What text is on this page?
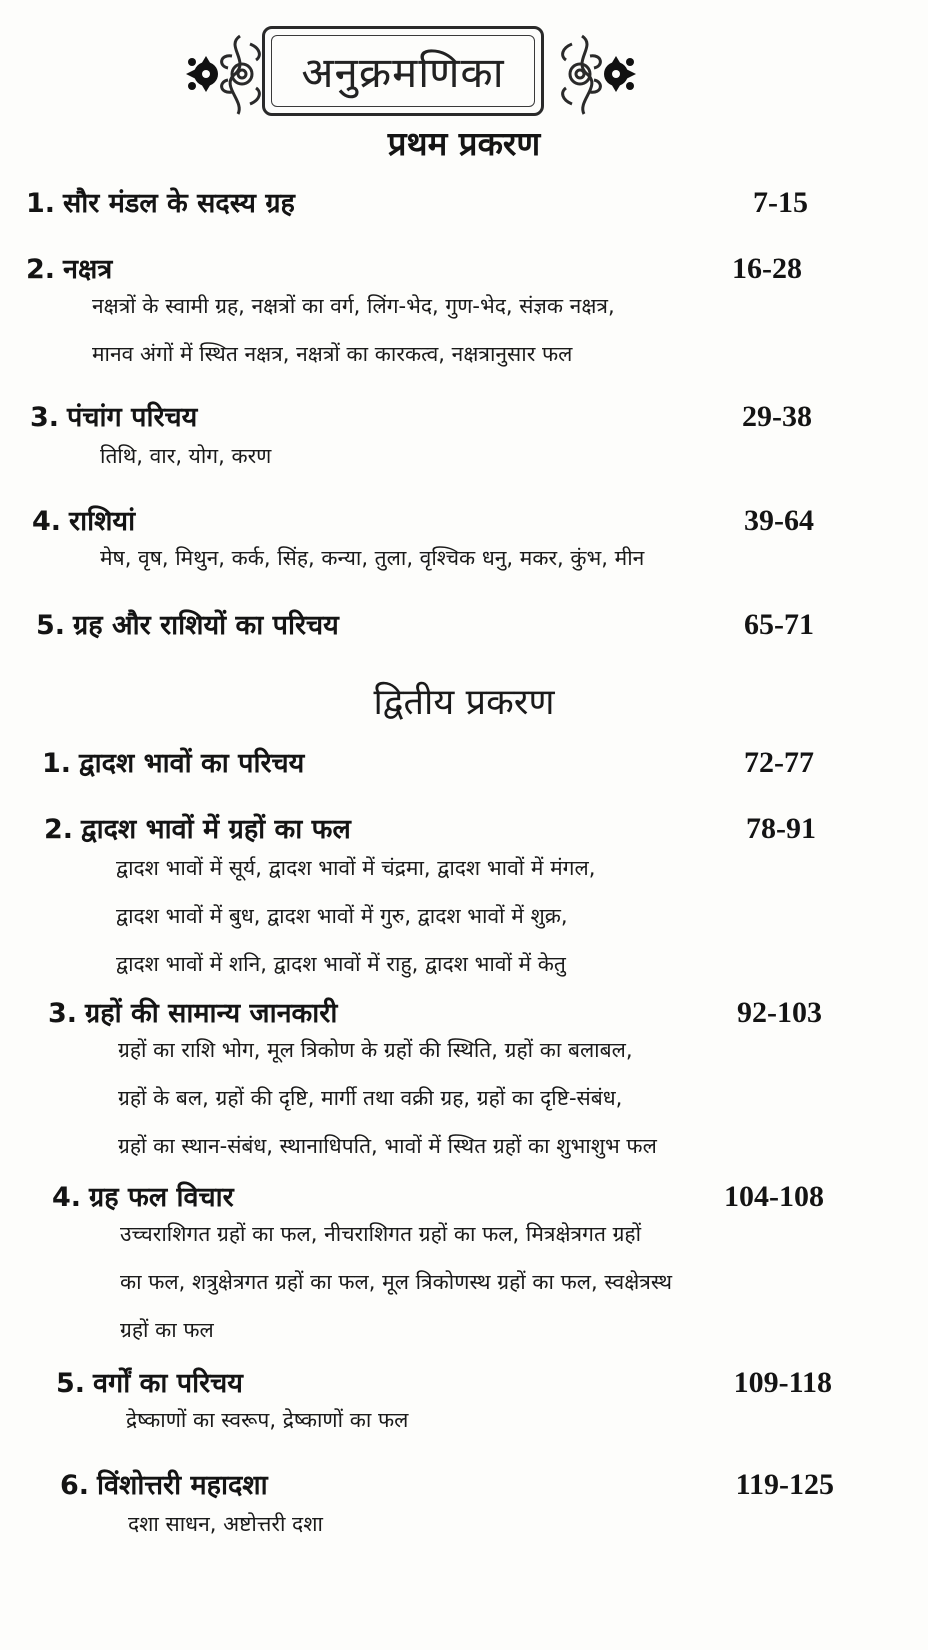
अनुक्रमणिका
प्रथम प्रकरण
1. सौर मंडल के सदस्य ग्रह	7-15
2. नक्षत्र	16-28
नक्षत्रों के स्वामी ग्रह, नक्षत्रों का वर्ग, लिंग-भेद, गुण-भेद, संज्ञक नक्षत्र,
मानव अंगों में स्थित नक्षत्र, नक्षत्रों का कारकत्व, नक्षत्रानुसार फल
3. पंचांग परिचय	29-38
तिथि, वार, योग, करण
4. राशियां	39-64
मेष, वृष, मिथुन, कर्क, सिंह, कन्या, तुला, वृश्चिक धनु, मकर, कुंभ, मीन
5. ग्रह और राशियों का परिचय	65-71
द्वितीय प्रकरण
1. द्वादश भावों का परिचय	72-77
2. द्वादश भावों में ग्रहों का फल	78-91
द्वादश भावों में सूर्य, द्वादश भावों में चंद्रमा, द्वादश भावों में मंगल,
द्वादश भावों में बुध, द्वादश भावों में गुरु, द्वादश भावों में शुक्र,
द्वादश भावों में शनि, द्वादश भावों में राहु, द्वादश भावों में केतु
3. ग्रहों की सामान्य जानकारी	92-103
ग्रहों का राशि भोग, मूल त्रिकोण के ग्रहों की स्थिति, ग्रहों का बलाबल,
ग्रहों के बल, ग्रहों की दृष्टि, मार्गी तथा वक्री ग्रह, ग्रहों का दृष्टि-संबंध,
ग्रहों का स्थान-संबंध, स्थानाधिपति, भावों में स्थित ग्रहों का शुभाशुभ फल
4. ग्रह फल विचार	104-108
उच्चराशिगत ग्रहों का फल, नीचराशिगत ग्रहों का फल, मित्रक्षेत्रगत ग्रहों
का फल, शत्रुक्षेत्रगत ग्रहों का फल, मूल त्रिकोणस्थ ग्रहों का फल, स्वक्षेत्रस्थ
ग्रहों का फल
5. वर्गों का परिचय	109-118
द्रेष्काणों का स्वरूप, द्रेष्काणों का फल
6. विंशोत्तरी महादशा	119-125
दशा साधन, अष्टोत्तरी दशा
